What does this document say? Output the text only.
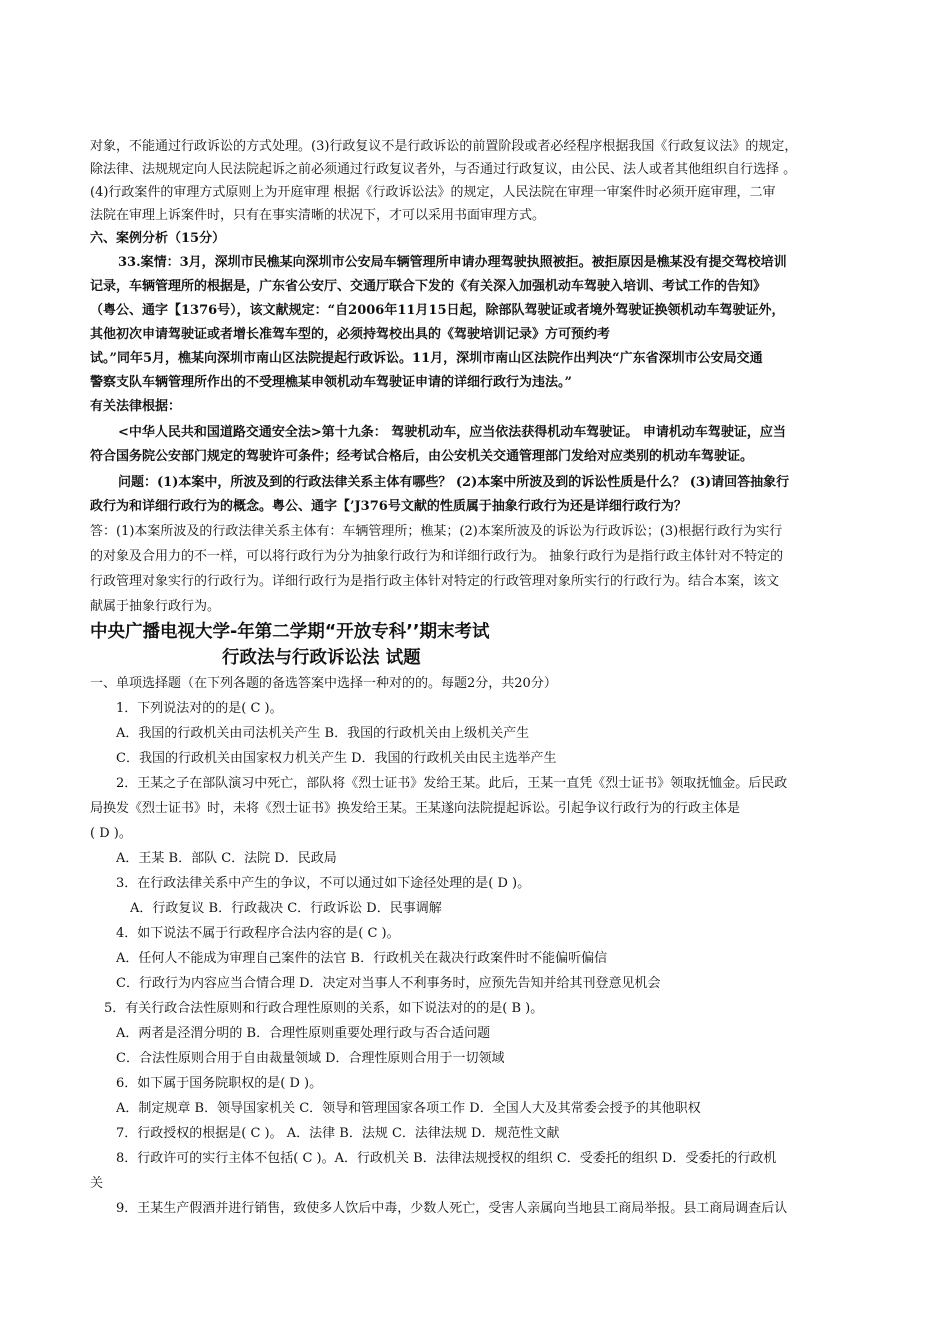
对象，不能通过行政诉讼的方式处理。(3)行政复议不是行政诉讼的前置阶段或者必经程序根据我国《行政复议法》的规定，
除法律、法规规定向人民法院起诉之前必须通过行政复议者外，与否通过行政复议，由公民、法人或者其他组织自行选择 。
(4)行政案件的审理方式原则上为开庭审理 根据《行政诉讼法》的规定，人民法院在审理一审案件时必须开庭审理，二审
法院在审理上诉案件时，只有在事实清晰的状况下，才可以采用书面审理方式。
六、案例分析（15分）
33.案情：3月，深圳市民樵某向深圳市公安局车辆管理所申请办理驾驶执照被拒。被拒原因是樵某没有提交驾校培训
记录，车辆管理所的根据是，广东省公安厅、交通厅联合下发的《有关深入加强机动车驾驶入培训、考试工作的告知》
（粤公、通字【1376号），该文献规定：“自2006年11月15日起，除部队驾驶证或者境外驾驶证换领机动车驾驶证外，
其他初次申请驾驶证或者增长准驾车型的，必须持驾校出具的《驾驶培训记录》方可预约考
试。”同年5月，樵某向深圳市南山区法院提起行政诉讼。11月，深圳市南山区法院作出判决“广东省深圳市公安局交通
警察支队车辆管理所作出的不受理樵某申领机动车驾驶证申请的详细行政行为违法。”
有关法律根据：
<中华人民共和国道路交通安全法>第十九条： 驾驶机动车，应当依法获得机动车驾驶证。 申请机动车驾驶证，应当
符合国务院公安部门规定的驾驶许可条件；经考试合格后，由公安机关交通管理部门发给对应类别的机动车驾驶证。
问题：(1)本案中，所波及到的行政法律关系主体有哪些？ (2)本案中所波及到的诉讼性质是什么？ (3)请回答抽象行
政行为和详细行政行为的概念。粤公、通字【’J376号文献的性质属于抽象行政行为还是详细行政行为？
答：(1)本案所波及的行政法律关系主体有：车辆管理所；樵某；(2)本案所波及的诉讼为行政诉讼；(3)根据行政行为实行
的对象及合用力的不一样，可以将行政行为分为抽象行政行为和详细行政行为。 抽象行政行为是指行政主体针对不特定的
行政管理对象实行的行政行为。详细行政行为是指行政主体针对特定的行政管理对象所实行的行政行为。结合本案，该文
献属于抽象行政行为。
中央广播电视大学-年第二学期“开放专科’’期末考试
行政法与行政诉讼法 试题
一、单项选择题（在下列各题的备选答案中选择一种对的的。每题2分，共20分）
1．下列说法对的的是( C )。
A．我国的行政机关由司法机关产生 B．我国的行政机关由上级机关产生
C．我国的行政机关由国家权力机关产生 D．我国的行政机关由民主选举产生
2．王某之子在部队演习中死亡，部队将《烈士证书》发给王某。此后，王某一直凭《烈士证书》领取抚恤金。后民政
局换发《烈士证书》时，未将《烈士证书》换发给王某。王某遂向法院提起诉讼。引起争议行政行为的行政主体是
( D )。
A．王某 B．部队 C．法院 D．民政局
3．在行政法律关系中产生的争议，不可以通过如下途径处理的是( D )。
A．行政复议 B．行政裁决 C．行政诉讼 D．民事调解
4．如下说法不属于行政程序合法内容的是( C )。
A．任何人不能成为审理自己案件的法官 B．行政机关在裁决行政案件时不能偏听偏信
C．行政行为内容应当合情合理 D．决定对当事人不利事务时，应预先告知并给其刊登意见机会
5．有关行政合法性原则和行政合理性原则的关系，如下说法对的的是( B )。
A．两者是泾渭分明的 B．合理性原则重要处理行政与否合适问题
C．合法性原则合用于自由裁量领域 D．合理性原则合用于一切领域
6．如下属于国务院职权的是( D )。
A．制定规章 B．领导国家机关 C．领导和管理国家各项工作 D．全国人大及其常委会授予的其他职权
7．行政授权的根据是( C )。 A．法律 B．法规 C．法律法规 D．规范性文献
8．行政许可的实行主体不包括( C )。A．行政机关 B．法律法规授权的组织 C．受委托的组织 D．受委托的行政机
关
9．王某生产假酒并进行销售，致使多人饮后中毒，少数人死亡，受害人亲属向当地县工商局举报。县工商局调查后认
